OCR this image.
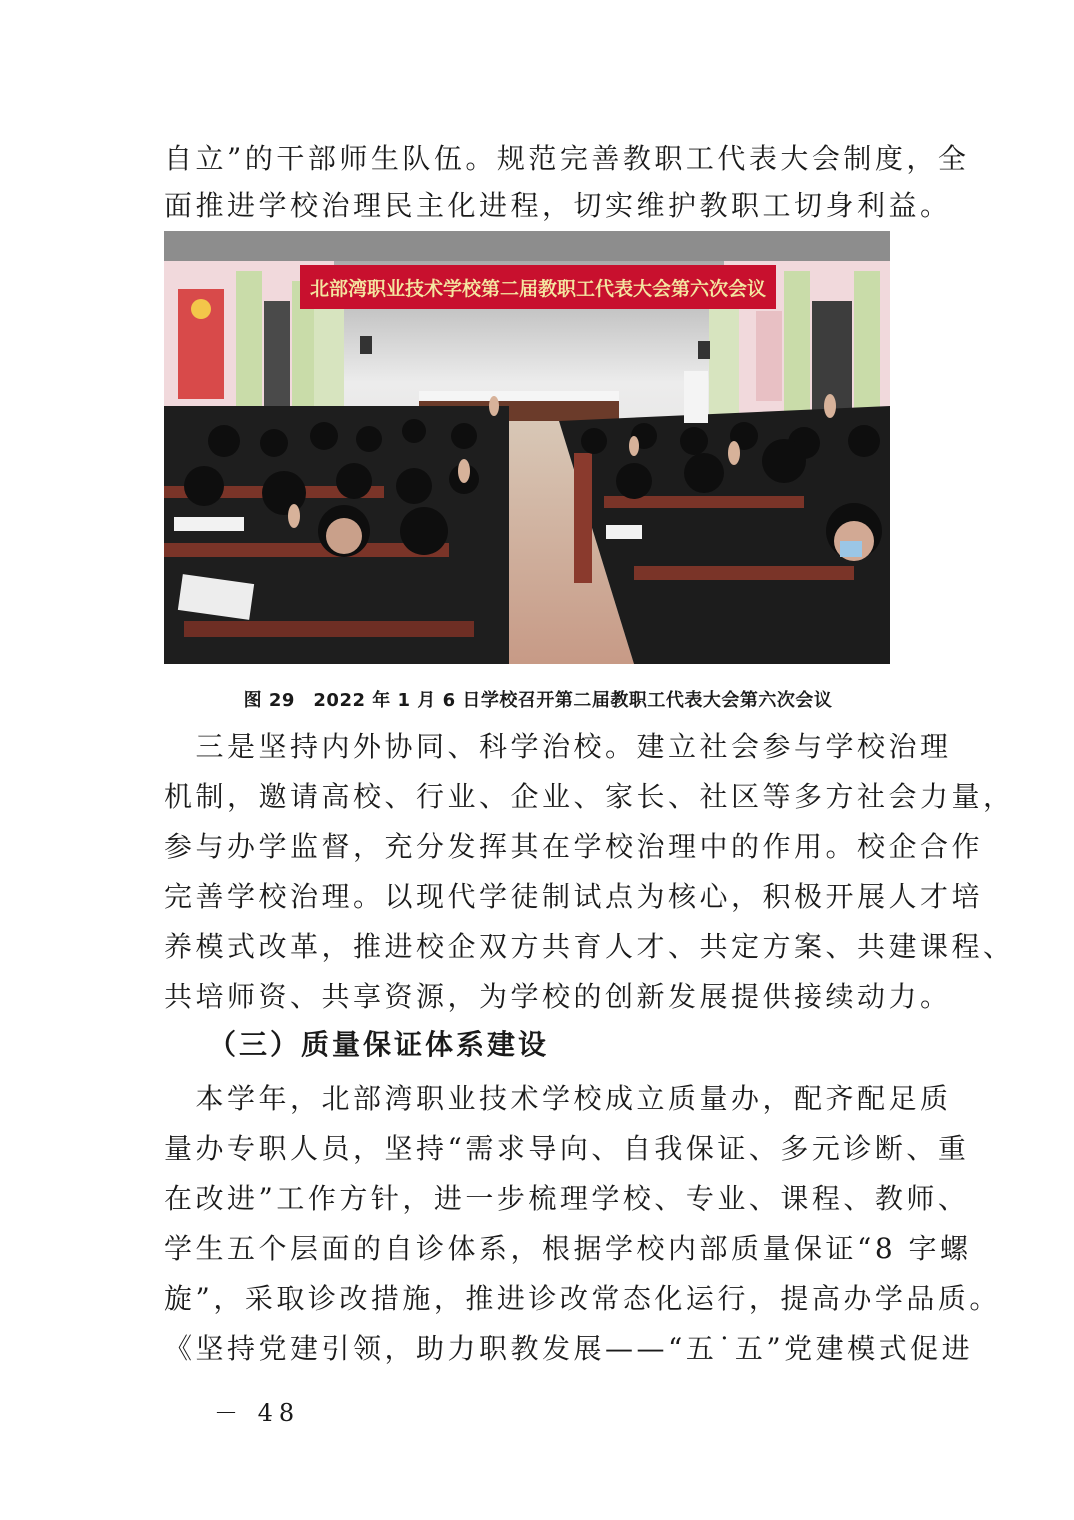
自立”的干部师生队伍。规范完善教职工代表大会制度，全

面推进学校治理民主化进程，切实维护教职工切身利益。

北部湾职业技术学校第二届教职工代表大会第六次会议
图 29　2022 年 1 月 6 日学校召开第二届教职工代表大会第六次会议

　三是坚持内外协同、科学治校。建立社会参与学校治理

机制，邀请高校、行业、企业、家长、社区等多方社会力量，

参与办学监督，充分发挥其在学校治理中的作用。校企合作

完善学校治理。以现代学徒制试点为核心，积极开展人才培

养模式改革，推进校企双方共育人才、共定方案、共建课程、

共培师资、共享资源，为学校的创新发展提供接续动力。

（三）质量保证体系建设

　本学年，北部湾职业技术学校成立质量办，配齐配足质

量办专职人员，坚持“需求导向、自我保证、多元诊断、重

在改进”工作方针，进一步梳理学校、专业、课程、教师、

学生五个层面的自诊体系，根据学校内部质量保证“8 字螺

旋”，采取诊改措施，推进诊改常态化运行，提高办学品质。

《坚持党建引领，助力职教发展——“五˙五”党建模式促进

－ 48
